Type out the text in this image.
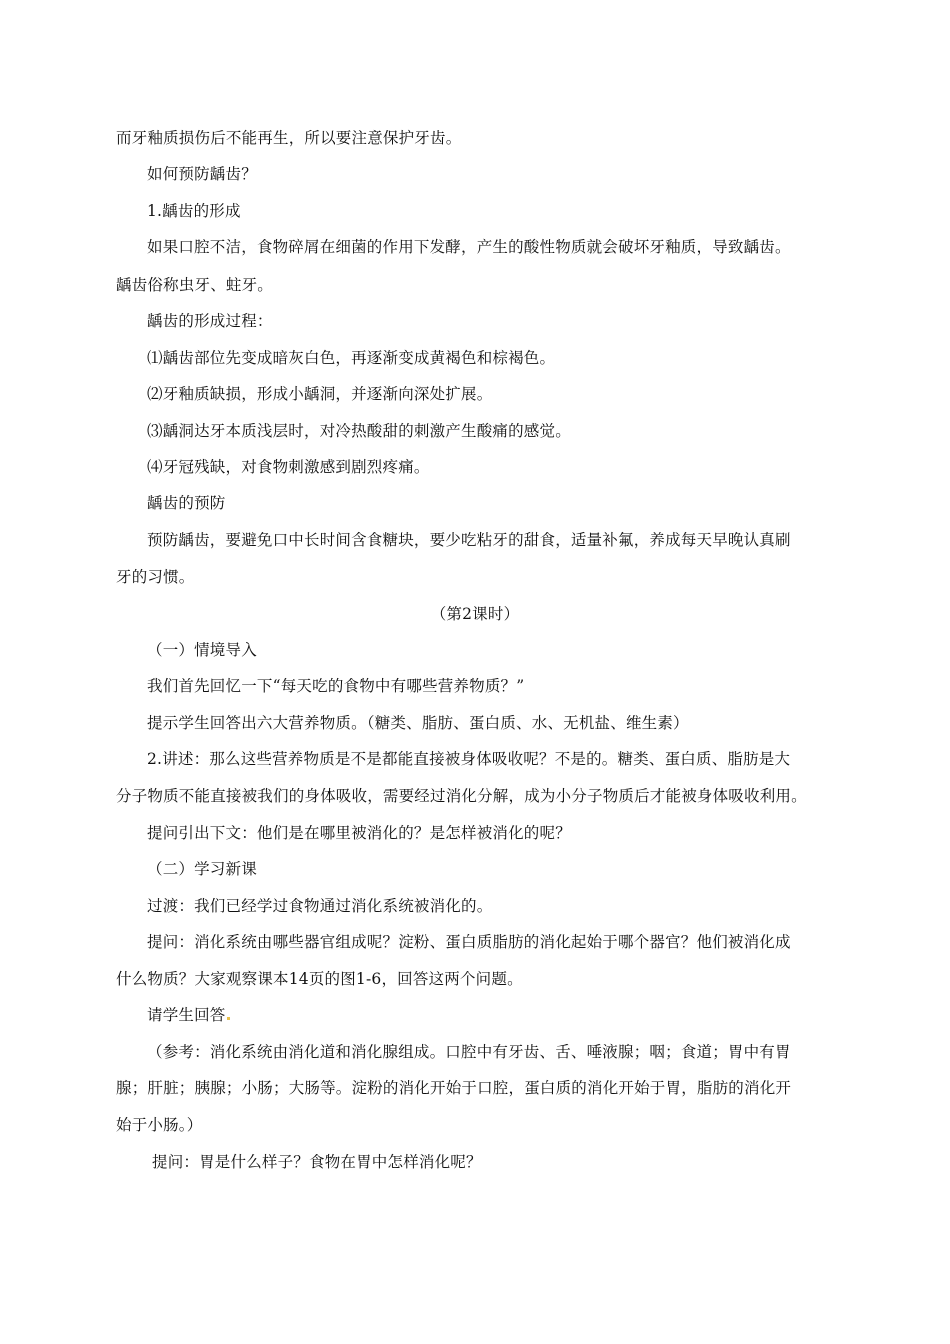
而牙釉质损伤后不能再生，所以要注意保护牙齿。
如何预防龋齿？
1.龋齿的形成
如果口腔不洁，食物碎屑在细菌的作用下发酵，产生的酸性物质就会破坏牙釉质，导致龋齿。
龋齿俗称虫牙、蛀牙。
龋齿的形成过程：
⑴龋齿部位先变成暗灰白色，再逐渐变成黄褐色和棕褐色。
⑵牙釉质缺损，形成小龋洞，并逐渐向深处扩展。
⑶龋洞达牙本质浅层时，对冷热酸甜的刺激产生酸痛的感觉。
⑷牙冠残缺，对食物刺激感到剧烈疼痛。
龋齿的预防
预防龋齿，要避免口中长时间含食糖块，要少吃粘牙的甜食，适量补氟，养成每天早晚认真刷
牙的习惯。
（第2课时）
（一）情境导入
我们首先回忆一下“每天吃的食物中有哪些营养物质？”
提示学生回答出六大营养物质。（糖类、脂肪、蛋白质、水、无机盐、维生素）
2.讲述：那么这些营养物质是不是都能直接被身体吸收呢？不是的。糖类、蛋白质、脂肪是大
分子物质不能直接被我们的身体吸收，需要经过消化分解，成为小分子物质后才能被身体吸收利用。
提问引出下文：他们是在哪里被消化的？是怎样被消化的呢？
（二）学习新课
过渡：我们已经学过食物通过消化系统被消化的。
提问：消化系统由哪些器官组成呢？淀粉、蛋白质脂肪的消化起始于哪个器官？他们被消化成
什么物质？大家观察课本14页的图1-6，回答这两个问题。
请学生回答
（参考：消化系统由消化道和消化腺组成。口腔中有牙齿、舌、唾液腺；咽；食道；胃中有胃
腺；肝脏；胰腺；小肠；大肠等。淀粉的消化开始于口腔，蛋白质的消化开始于胃，脂肪的消化开
始于小肠。）
提问：胃是什么样子？食物在胃中怎样消化呢？
